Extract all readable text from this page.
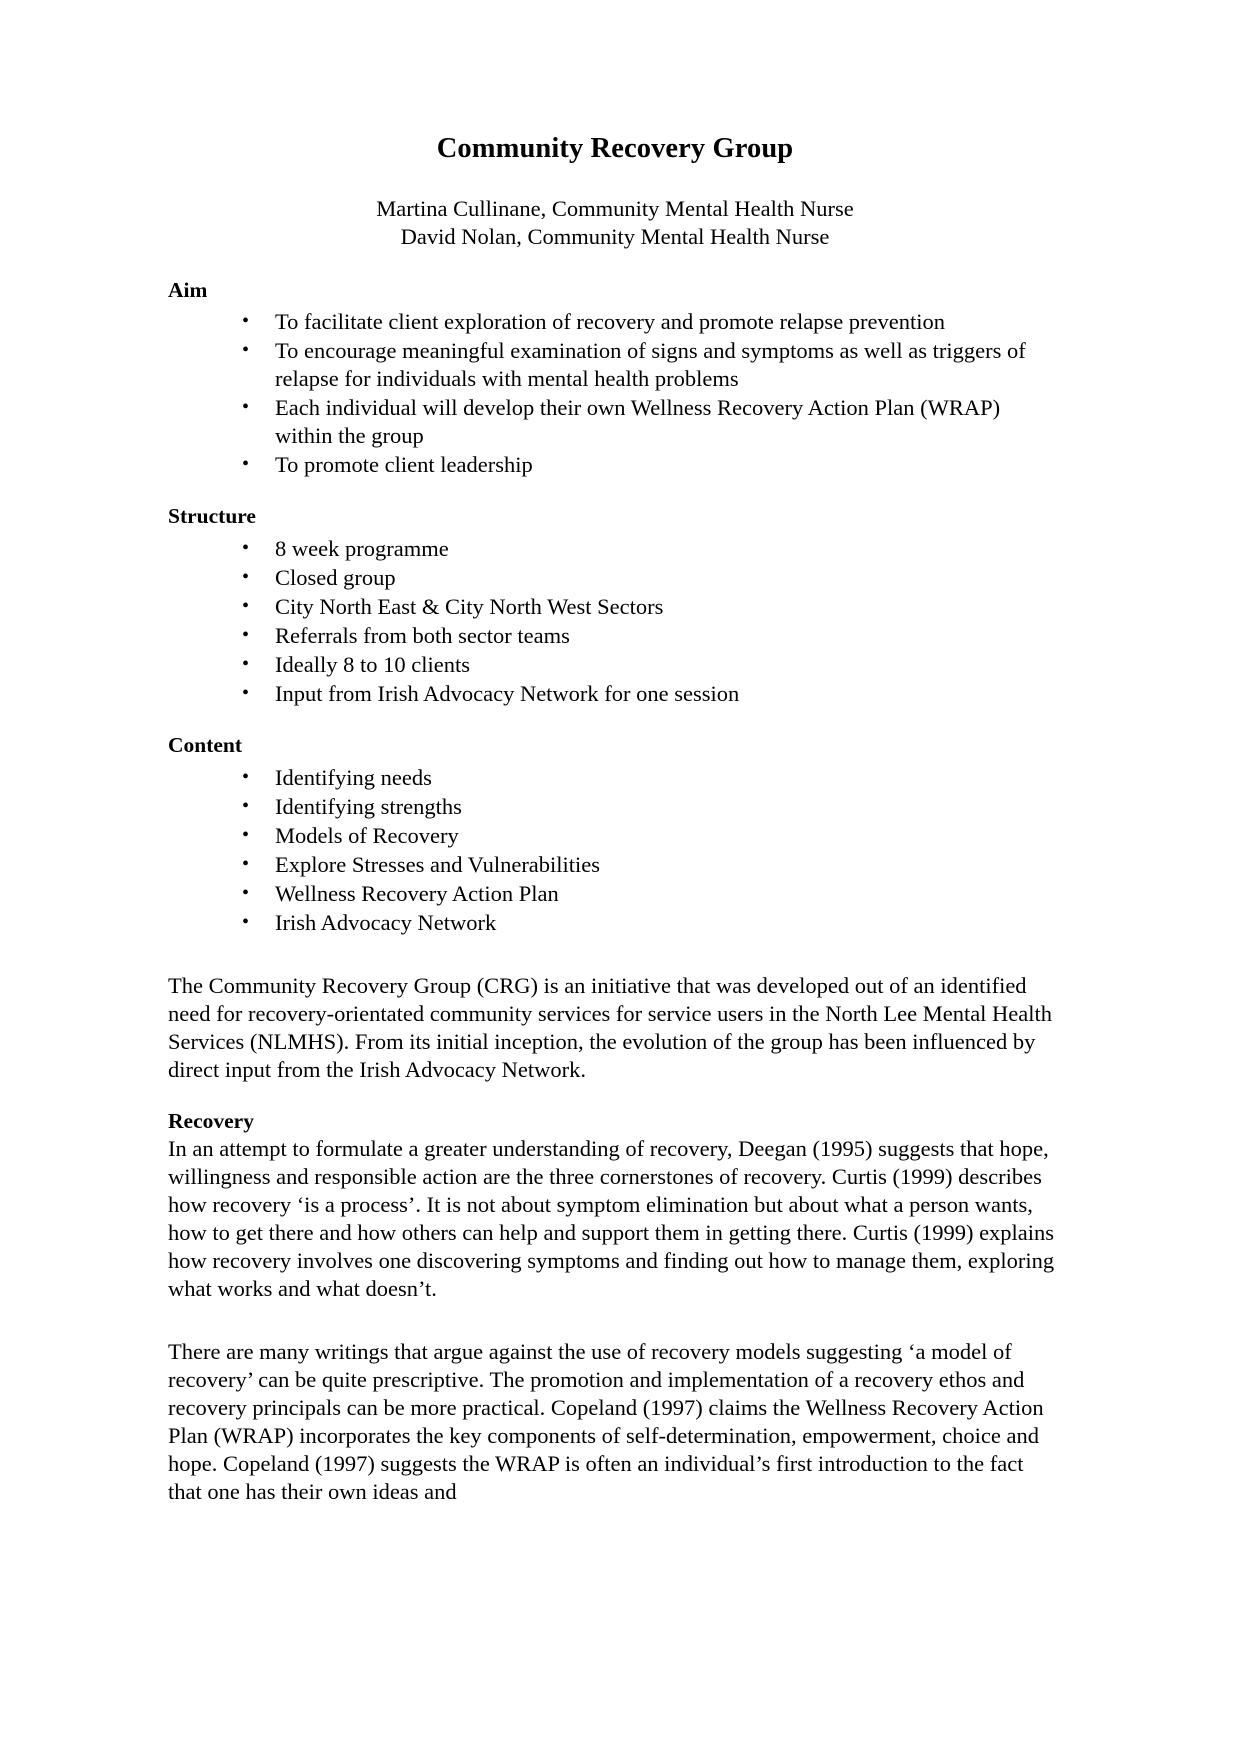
Community Recovery Group
Martina Cullinane, Community Mental Health Nurse
David Nolan, Community Mental Health Nurse
Aim
• To facilitate client exploration of recovery and promote relapse prevention
• To encourage meaningful examination of signs and symptoms as well as triggers of relapse for individuals with mental health problems
• Each individual will develop their own Wellness Recovery Action Plan (WRAP) within the group
• To promote client leadership
Structure
• 8 week programme
• Closed group
• City North East & City North West Sectors
• Referrals from both sector teams
• Ideally 8 to 10 clients
• Input from Irish Advocacy Network for one session
Content
• Identifying needs
• Identifying strengths
• Models of Recovery
• Explore Stresses and Vulnerabilities
• Wellness Recovery Action Plan
• Irish Advocacy Network

The Community Recovery Group (CRG) is an initiative that was developed out of an identified need for recovery-orientated community services for service users in the North Lee Mental Health Services (NLMHS). From its initial inception, the evolution of the group has been influenced by direct input from the Irish Advocacy Network.

Recovery

In an attempt to formulate a greater understanding of recovery, Deegan (1995) suggests that hope, willingness and responsible action are the three cornerstones of recovery. Curtis (1999) describes how recovery ‘is a process’. It is not about symptom elimination but about what a person wants, how to get there and how others can help and support them in getting there. Curtis (1999) explains how recovery involves one discovering symptoms and finding out how to manage them, exploring what works and what doesn’t.

There are many writings that argue against the use of recovery models suggesting ‘a model of recovery’ can be quite prescriptive. The promotion and implementation of a recovery ethos and recovery principals can be more practical. Copeland (1997) claims the Wellness Recovery Action Plan (WRAP) incorporates the key components of self-determination, empowerment, choice and hope. Copeland (1997) suggests the WRAP is often an individual’s first introduction to the fact that one has their own ideas and
